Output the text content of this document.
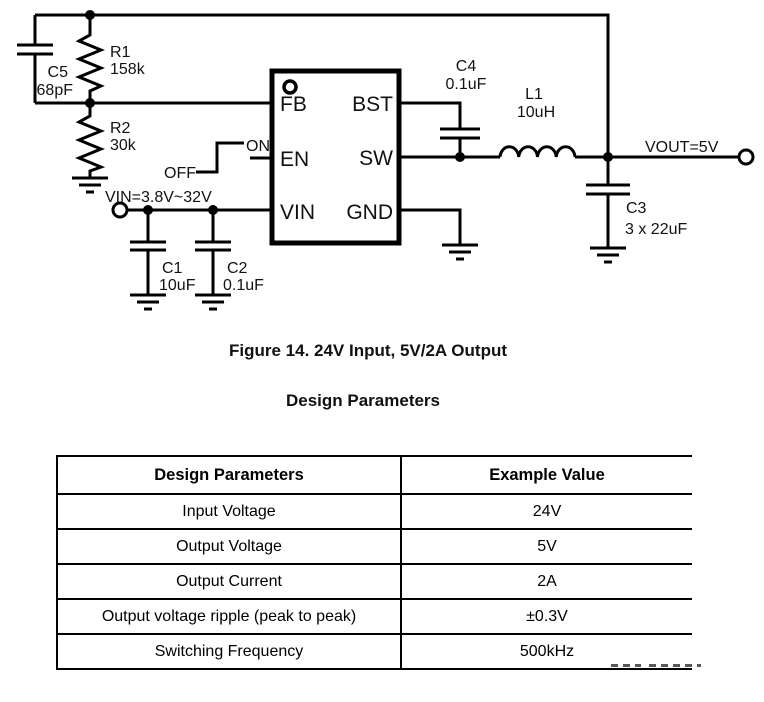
FB
EN
VIN
BST
SW
GND
C5
68pF
R1
158k
R2
30k
OFF
ON
VIN=3.8V~32V
C1
10uF
C2
0.1uF
C4
0.1uF
L1
10uH
VOUT=5V
C3
3 x 22uF
Figure 14. 24V Input, 5V/2A Output
Design Parameters
Design Parameters	Example Value
Input Voltage	24V
Output Voltage	5V
Output Current	2A
Output voltage ripple (peak to peak)	±0.3V
Switching Frequency	500kHz
